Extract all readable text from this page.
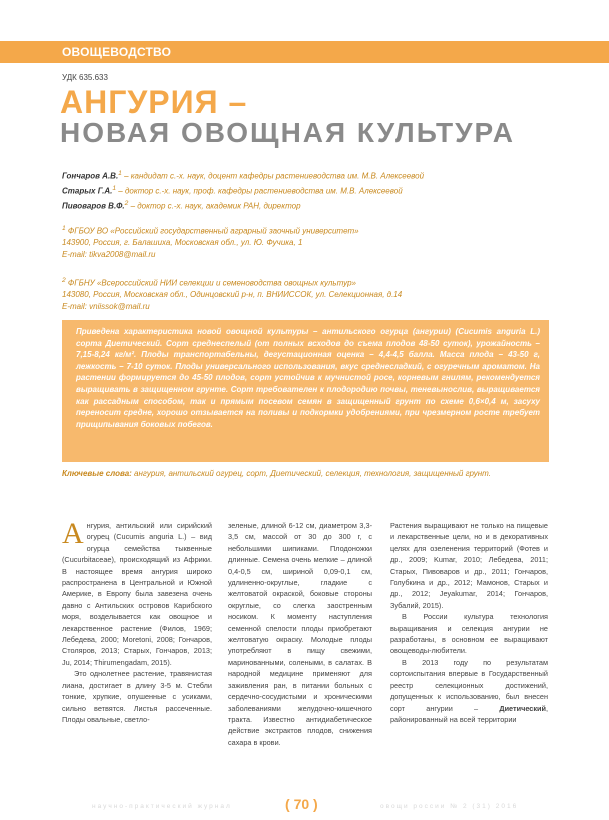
ОВОЩЕВОДСТВО
УДК 635.633
АНГУРИЯ –
НОВАЯ ОВОЩНАЯ КУЛЬТУРА
Гончаров А.В.$^1$ – кандидат с.-х. наук, доцент кафедры растениеводства им. М.В. Алексеевой
Старых Г.А.$^1$ – доктор с.-х. наук, проф. кафедры растениеводства им. М.В. Алексеевой
Пивоваров В.Ф.$^2$ – доктор с.-х. наук, академик РАН, директор
$^1$ ФГБОУ ВО «Российский государственный аграрный заочный университет»
143900, Россия, г. Балашиха, Московская обл., ул. Ю. Фучика, 1
E-mail: tikva2008@mail.ru
$^2$ ФГБНУ «Всероссийский НИИ селекции и семеноводства овощных культур»
143080, Россия, Московская обл., Одинцовский р-н, п. ВНИИССОК, ул. Селекционная, д.14
E-mail: vniissok@mail.ru
Приведена характеристика новой овощной культуры – антильского огурца (ангурии) (Cucumis anguria L.) сорта Диетический. Сорт среднеспелый (от полных всходов до съема плодов 48-50 суток), урожайность – 7,15-8,24 кг/м². Плоды транспортабельны, дегустационная оценка – 4,4-4,5 балла. Масса плода – 43-50 г, лежкость – 7-10 суток. Плоды универсального использования, вкус среднесладкий, с огуречным ароматом. На растении формируется до 45-50 плодов, сорт устойчив к мучнистой росе, корневым гнилям, рекомендуется выращивать в защищенном грунте. Сорт требователен к плодородию почвы, теневынослив, выращивается как рассадным способом, так и прямым посевом семян в защищенный грунт по схеме 0,6×0,4 м, засуху переносит средне, хорошо отзывается на поливы и подкормки удобрениями, при чрезмерном росте требует прищипывания боковых побегов.
Ключевые слова: ангурия, антильский огурец, сорт, Диетический, селекция, технология, защищенный грунт.

Ангурия, антильский или сирийский огурец (Cucumis anguria L.) – вид огурца семейства тыквенные (Cucurbitaceae), происходящий из Африки. В настоящее время ангурия широко распространена в Центральной и Южной Америке, в Европу была завезена очень давно с Антильских островов Карибского моря, возделывается как овощное и лекарственное растение (Филов, 1969; Лебедева, 2000; Moretoni, 2008; Гончаров, Столяров, 2013; Старых, Гончаров, 2013; Ju, 2014; Thirumengadam, 2015).

Это однолетнее растение, травянистая лиана, достигает в длину 3-5 м. Стебли тонкие, хрупкие, опушенные с усиками, сильно ветвятся. Листья рассеченные. Плоды овальные, светло-

зеленые, длиной 6-12 см, диаметром 3,3-3,5 см, массой от 30 до 300 г, с небольшими шипиками. Плодоножки длинные. Семена очень мелкие – длиной 0,4-0,5 см, шириной 0,09-0,1 см, удлиненно-округлые, гладкие с желтоватой окраской, боковые стороны округлые, со слегка заостренным носиком. К моменту наступления семенной спелости плоды приобретают желтоватую окраску. Молодые плоды употребляют в пищу свежими, маринованными, солеными, в салатах. В народной медицине применяют для заживления ран, в питании больных с сердечно-сосудистыми и хроническими заболеваниями желудочно-кишечного тракта. Известно антидиабетическое действие экстрактов плодов, снижения сахара в крови.

Растения выращивают не только на пищевые и лекарственные цели, но и в декоративных целях для озеленения территорий (Фотев и др., 2009; Kumar, 2010; Лебедева, 2011; Старых, Пивоваров и др., 2011; Гончаров, Голубкина и др., 2012; Мамонов, Старых и др., 2012; Jeyakumar, 2014; Гончаров, Зубалий, 2015).

В России культура технология выращивания и селекция ангурии не разработаны, в основном ее выращивают овощеводы-любители.

В 2013 году по результатам сортоиспытания впервые в Государственный реестр селекционных достижений, допущенных к использованию, был внесен сорт ангурии – Диетический, районированный на всей территории

научно-практический журнал	( 70 )	овощи россии № 2 (31) 2016
